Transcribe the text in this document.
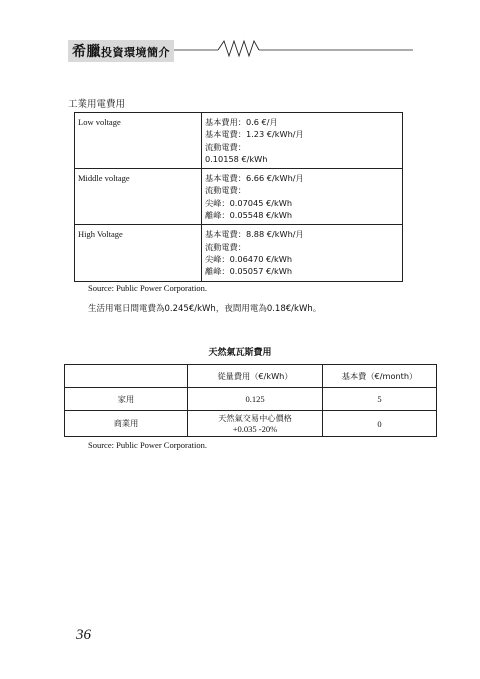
希臘投資環境簡介
工業用電費用
Low voltage	基本費用：0.6 €/月
基本電費：1.23 €/kWh/月
流動電費：
0.10158 €/kWh

Middle voltage	基本電費：6.66 €/kWh/月
流動電費：
尖峰：0.07045 €/kWh
離峰：0.05548 €/kWh

High Voltage	基本電費：8.88 €/kWh/月
流動電費：
尖峰：0.06470 €/kWh
離峰：0.05057 €/kWh
Source: Public Power Corporation.
生活用電日間電費為0.245€/kWh，夜間用電為0.18€/kWh。
天然氣瓦斯費用
	從量費用（€/kWh）	基本費（€/month）
家用	0.125	5
商業用	天然氣交易中心價格
+0.035 -20%	0
Source: Public Power Corporation.
36
